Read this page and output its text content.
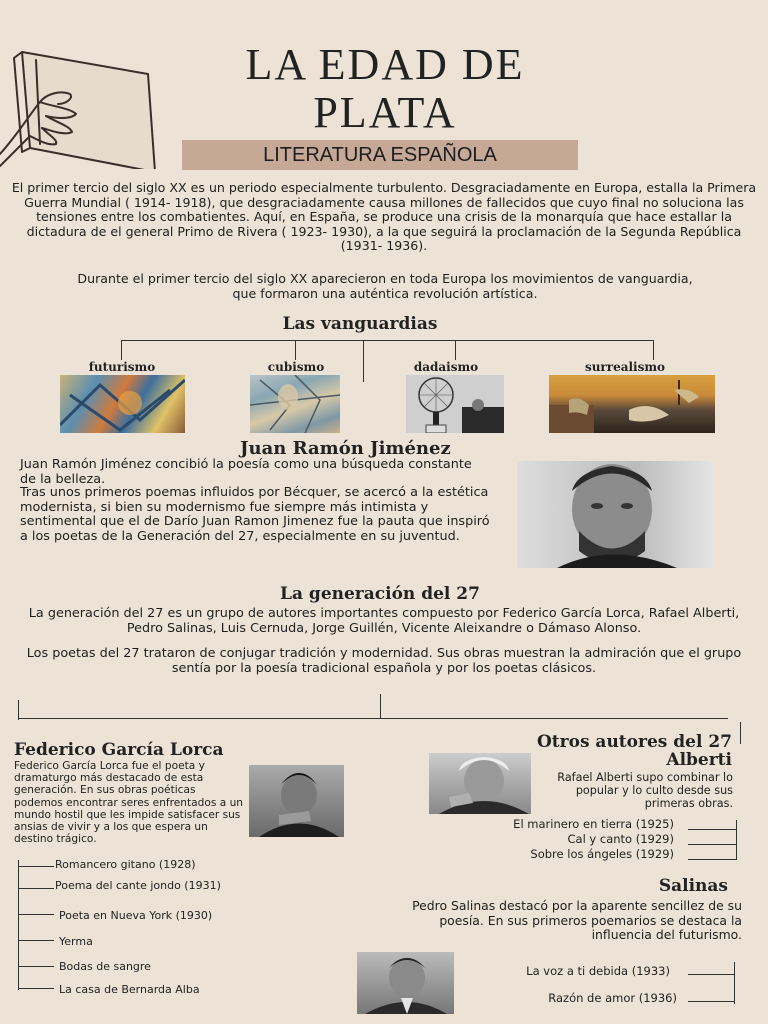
LA EDAD DE
PLATA
LITERATURA ESPAÑOLA
El primer tercio del siglo XX es un periodo especialmente turbulento. Desgraciadamente en Europa, estalla la Primera Guerra Mundial ( 1914- 1918), que desgraciadamente causa millones de fallecidos que cuyo final no soluciona las tensiones entre los combatientes. Aquí, en España, se produce una crisis de la monarquía que hace estallar la dictadura de el general Primo de Rivera ( 1923- 1930), a la que seguirá la proclamación de la Segunda República (1931- 1936).
Durante el primer tercio del siglo XX aparecieron en toda Europa los movimientos de vanguardia, que formaron una auténtica revolución artística.
Las vanguardias
futurismo	cubismo	dadaismo	surrealismo
Juan Ramón Jiménez
Juan Ramón Jiménez concibió la poesía como una búsqueda constante de la belleza.
Tras unos primeros poemas influidos por Bécquer, se acercó a la estética modernista, si bien su modernismo fue siempre más intimista y sentimental que el de Darío Juan Ramon Jimenez fue la pauta que inspiró a los poetas de la Generación del 27, especialmente en su juventud.
La generación del 27
La generación del 27 es un grupo de autores importantes compuesto por Federico García Lorca, Rafael Alberti, Pedro Salinas, Luis Cernuda, Jorge Guillén, Vicente Aleixandre o Dámaso Alonso.
Los poetas del 27 trataron de conjugar tradición y modernidad. Sus obras muestran la admiración que el grupo sentía por la poesía tradicional española y por los poetas clásicos.
Federico García Lorca
Federico García Lorca fue el poeta y dramaturgo más destacado de esta generación. En sus obras poéticas podemos encontrar seres enfrentados a un mundo hostil que les impide satisfacer sus ansias de vivir y a los que espera un destino trágico.
Romancero gitano (1928)
Poema del cante jondo (1931)
Poeta en Nueva York (1930)
Yerma
Bodas de sangre
La casa de Bernarda Alba
Otros autores del 27
Alberti
Rafael Alberti supo combinar lo popular y lo culto desde sus primeras obras.
El marinero en tierra (1925)
Cal y canto (1929)
Sobre los ángeles (1929)
Salinas
Pedro Salinas destacó por la aparente sencillez de su poesía. En sus primeros poemarios se destaca la influencia del futurismo.
La voz a ti debida (1933)
Razón de amor (1936)
